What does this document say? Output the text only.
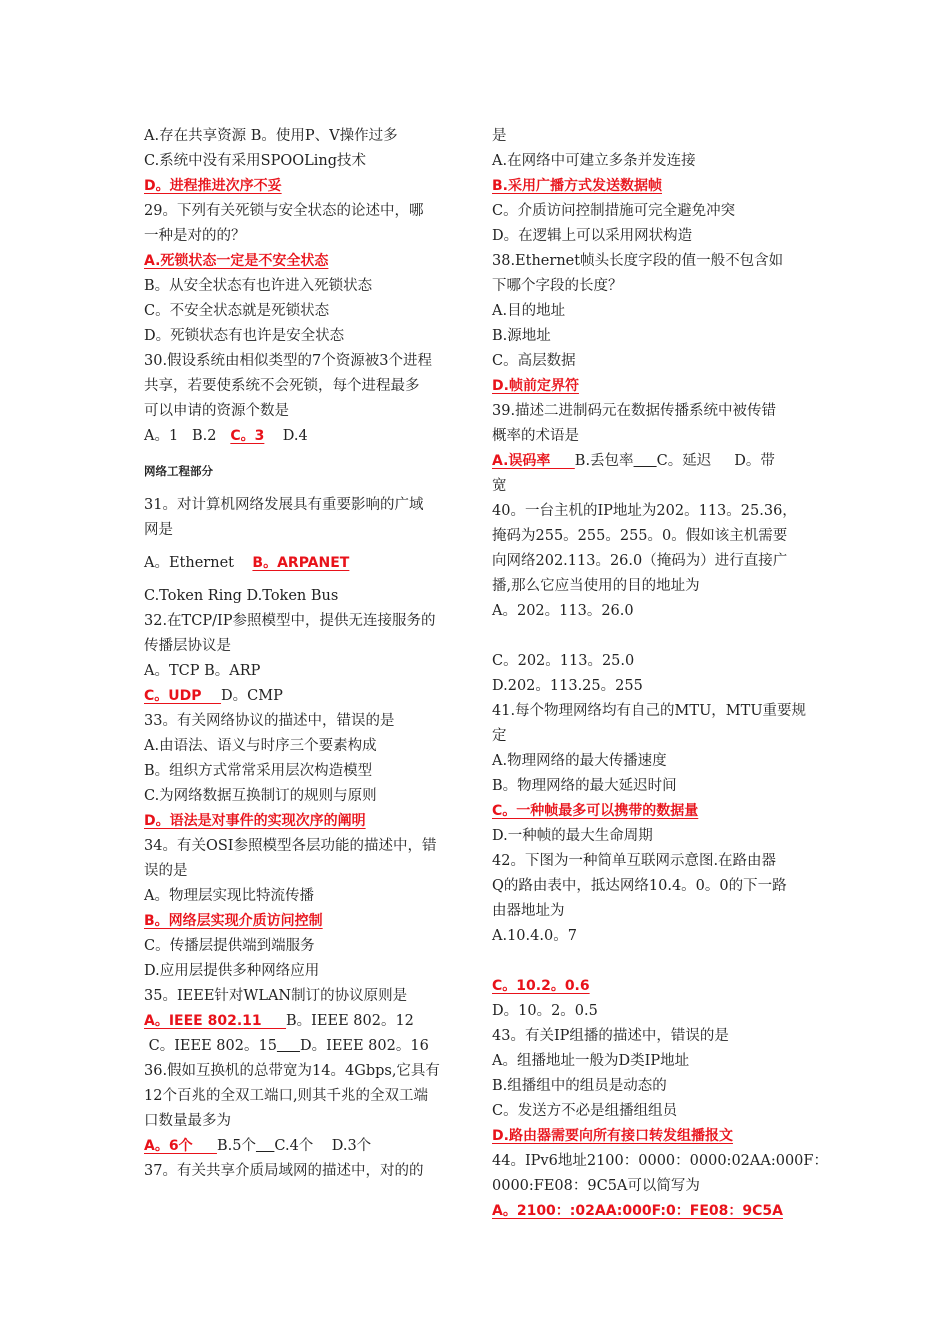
A.存在共享资源 B。使用P、V操作过多
C.系统中没有采用SPOOLing技术
D。进程推进次序不妥
29。下列有关死锁与安全状态的论述中，哪
一种是对的的？
A.死锁状态一定是不安全状态
B。从安全状态有也许进入死锁状态
C。不安全状态就是死锁状态
D。死锁状态有也许是安全状态
30.假设系统由相似类型的7个资源被3个进程
共享，若要使系统不会死锁，每个进程最多
可以申请的资源个数是
A。1   B.2   C。3    D.4
网络工程部分
31。对计算机网络发展具有重要影响的广域
网是
A。Ethernet    B。ARPANET
C.Token Ring D.Token Bus
32.在TCP/IP参照模型中，提供无连接服务的
传播层协议是
A。TCP B。ARP
C。UDP    D。CMP
33。有关网络协议的描述中，错误的是
A.由语法、语义与时序三个要素构成
B。组织方式常常采用层次构造模型
C.为网络数据互换制订的规则与原则
D。语法是对事件的实现次序的阐明
34。有关OSI参照模型各层功能的描述中，错
误的是
A。物理层实现比特流传播
B。网络层实现介质访问控制
C。传播层提供端到端服务
D.应用层提供多种网络应用
35。IEEE针对WLAN制订的协议原则是
A。IEEE 802.11     B。IEEE 802。12
C。IEEE 802。15 D。IEEE 802。16
36.假如互换机的总带宽为14。4Gbps,它具有
12个百兆的全双工端口,则其千兆的全双工端
口数量最多为
A。6个     B.5个 C.4个    D.3个
37。有关共享介质局域网的描述中，对的的
是
A.在网络中可建立多条并发连接
B.采用广播方式发送数据帧
C。介质访问控制措施可完全避免冲突
D。在逻辑上可以采用网状构造
38.Ethernet帧头长度字段的值一般不包含如
下哪个字段的长度？
A.目的地址
B.源地址
C。高层数据
D.帧前定界符
39.描述二进制码元在数据传播系统中被传错
概率的术语是
A.误码率     B.丢包率 C。延迟     D。带
宽
40。一台主机的IP地址为202。113。25.36，
掩码为255。255。255。0。假如该主机需要
向网络202.113。26.0（掩码为）进行直接广
播,那么它应当使用的目的地址为
A。202。113。26.0
C。202。113。25.0
D.202。113.25。255
41.每个物理网络均有自己的MTU，MTU重要规
定
A.物理网络的最大传播速度
B。物理网络的最大延迟时间
C。一种帧最多可以携带的数据量
D.一种帧的最大生命周期
42。下图为一种简单互联网示意图.在路由器
Q的路由表中，抵达网络10.4。0。0的下一路
由器地址为
A.10.4.0。7
C。10.2。0.6
D。10。2。0.5
43。有关IP组播的描述中，错误的是
A。组播地址一般为D类IP地址
B.组播组中的组员是动态的
C。发送方不必是组播组组员
D.路由器需要向所有接口转发组播报文
44。IPv6地址2100：0000：0000:02AA:000F：
0000:FE08：9C5A可以简写为
A。2100：:02AA:000F:0：FE08：9C5A
